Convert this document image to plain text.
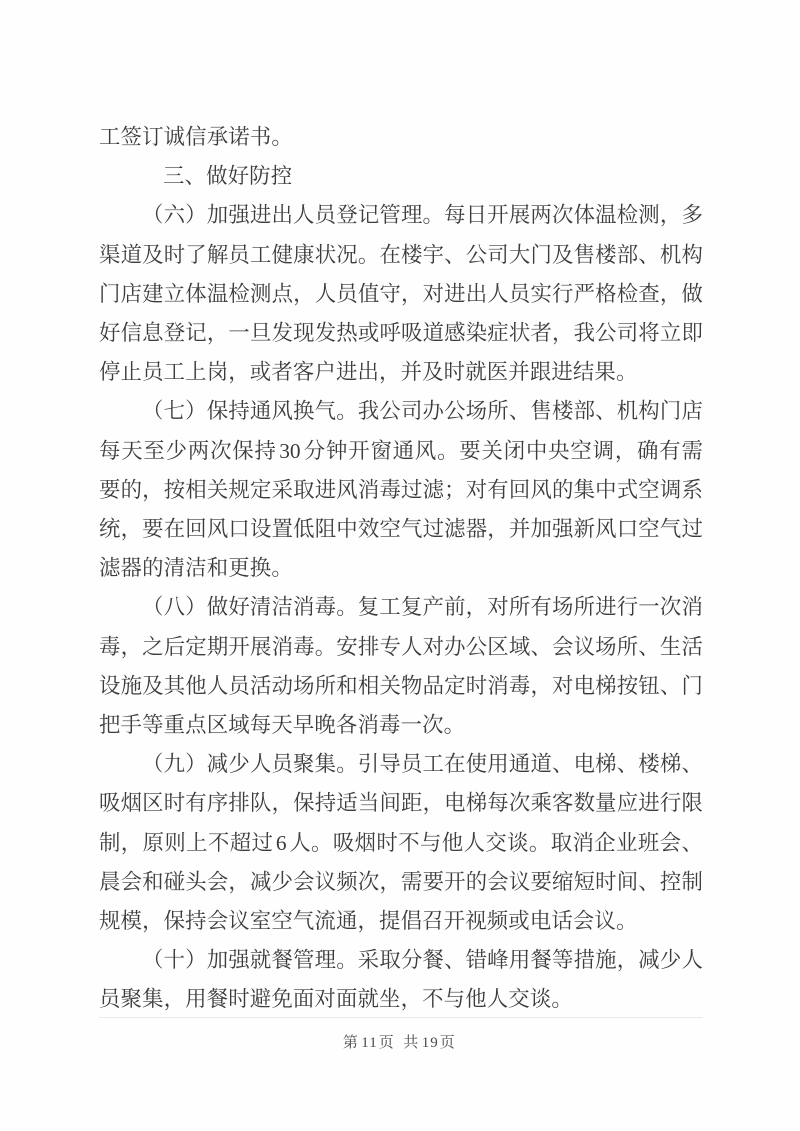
工签订诚信承诺书。

三、做好防控

（六）加强进出人员登记管理。每日开展两次体温检测，多渠道及时了解员工健康状况。在楼宇、公司大门及售楼部、机构门店建立体温检测点，人员值守，对进出人员实行严格检查，做好信息登记，一旦发现发热或呼吸道感染症状者，我公司将立即停止员工上岗，或者客户进出，并及时就医并跟进结果。

（七）保持通风换气。我公司办公场所、售楼部、机构门店每天至少两次保持 30 分钟开窗通风。要关闭中央空调，确有需要的，按相关规定采取进风消毒过滤；对有回风的集中式空调系统，要在回风口设置低阻中效空气过滤器，并加强新风口空气过滤器的清洁和更换。

（八）做好清洁消毒。复工复产前，对所有场所进行一次消毒，之后定期开展消毒。安排专人对办公区域、会议场所、生活设施及其他人员活动场所和相关物品定时消毒，对电梯按钮、门把手等重点区域每天早晚各消毒一次。

（九）减少人员聚集。引导员工在使用通道、电梯、楼梯、吸烟区时有序排队，保持适当间距，电梯每次乘客数量应进行限制，原则上不超过 6 人。吸烟时不与他人交谈。取消企业班会、晨会和碰头会，减少会议频次，需要开的会议要缩短时间、控制规模，保持会议室空气流通，提倡召开视频或电话会议。

（十）加强就餐管理。采取分餐、错峰用餐等措施，减少人员聚集，用餐时避免面对面就坐，不与他人交谈。

第11页 共19页
